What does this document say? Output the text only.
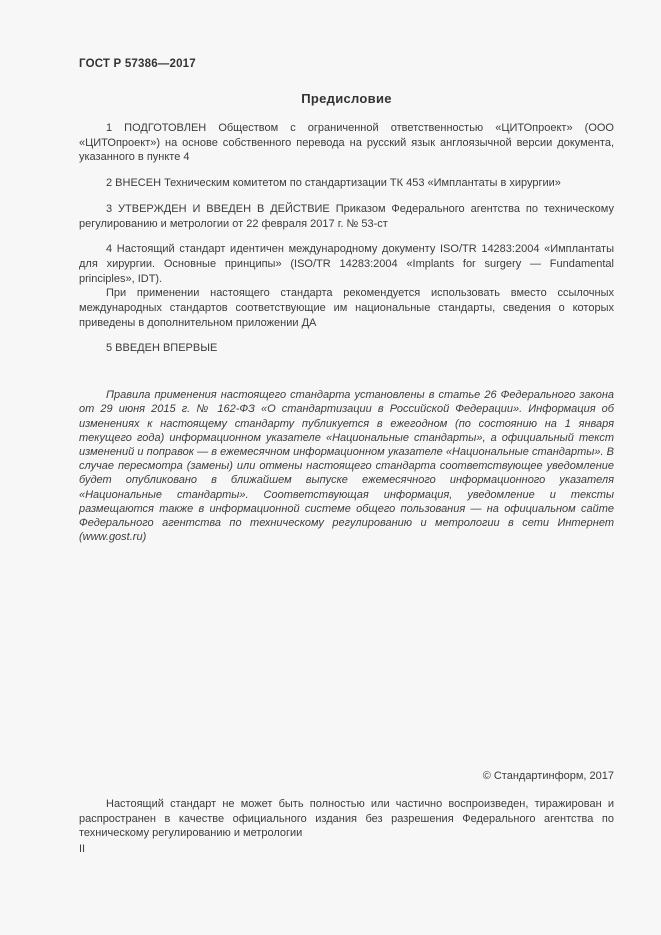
ГОСТ Р 57386—2017
Предисловие

1 ПОДГОТОВЛЕН Обществом с ограниченной ответственностью «ЦИТОпроект» (ООО «ЦИТОпроект») на основе собственного перевода на русский язык англоязычной версии документа, указанного в пункте 4

2 ВНЕСЕН Техническим комитетом по стандартизации ТК 453 «Имплантаты в хирургии»

3 УТВЕРЖДЕН И ВВЕДЕН В ДЕЙСТВИЕ Приказом Федерального агентства по техническому регулированию и метрологии от 22 февраля 2017 г. № 53-ст

4 Настоящий стандарт идентичен международному документу ISO/TR 14283:2004 «Имплантаты для хирургии. Основные принципы» (ISO/TR 14283:2004 «Implants for surgery — Fundamental principles», IDT).

При применении настоящего стандарта рекомендуется использовать вместо ссылочных международных стандартов соответствующие им национальные стандарты, сведения о которых приведены в дополнительном приложении ДА

5 ВВЕДЕН ВПЕРВЫЕ

Правила применения настоящего стандарта установлены в статье 26 Федерального закона от 29 июня 2015 г. № 162-ФЗ «О стандартизации в Российской Федерации». Информация об изменениях к настоящему стандарту публикуется в ежегодном (по состоянию на 1 января текущего года) информационном указателе «Национальные стандарты», а официальный текст изменений и поправок — в ежемесячном информационном указателе «Национальные стандарты». В случае пересмотра (замены) или отмены настоящего стандарта соответствующее уведомление будет опубликовано в ближайшем выпуске ежемесячного информационного указателя «Национальные стандарты». Соответствующая информация, уведомление и тексты размещаются также в информационной системе общего пользования — на официальном сайте Федерального агентства по техническому регулированию и метрологии в сети Интернет (www.gost.ru)

© Стандартинформ, 2017

Настоящий стандарт не может быть полностью или частично воспроизведен, тиражирован и распространен в качестве официального издания без разрешения Федерального агентства по техническому регулированию и метрологии

II
